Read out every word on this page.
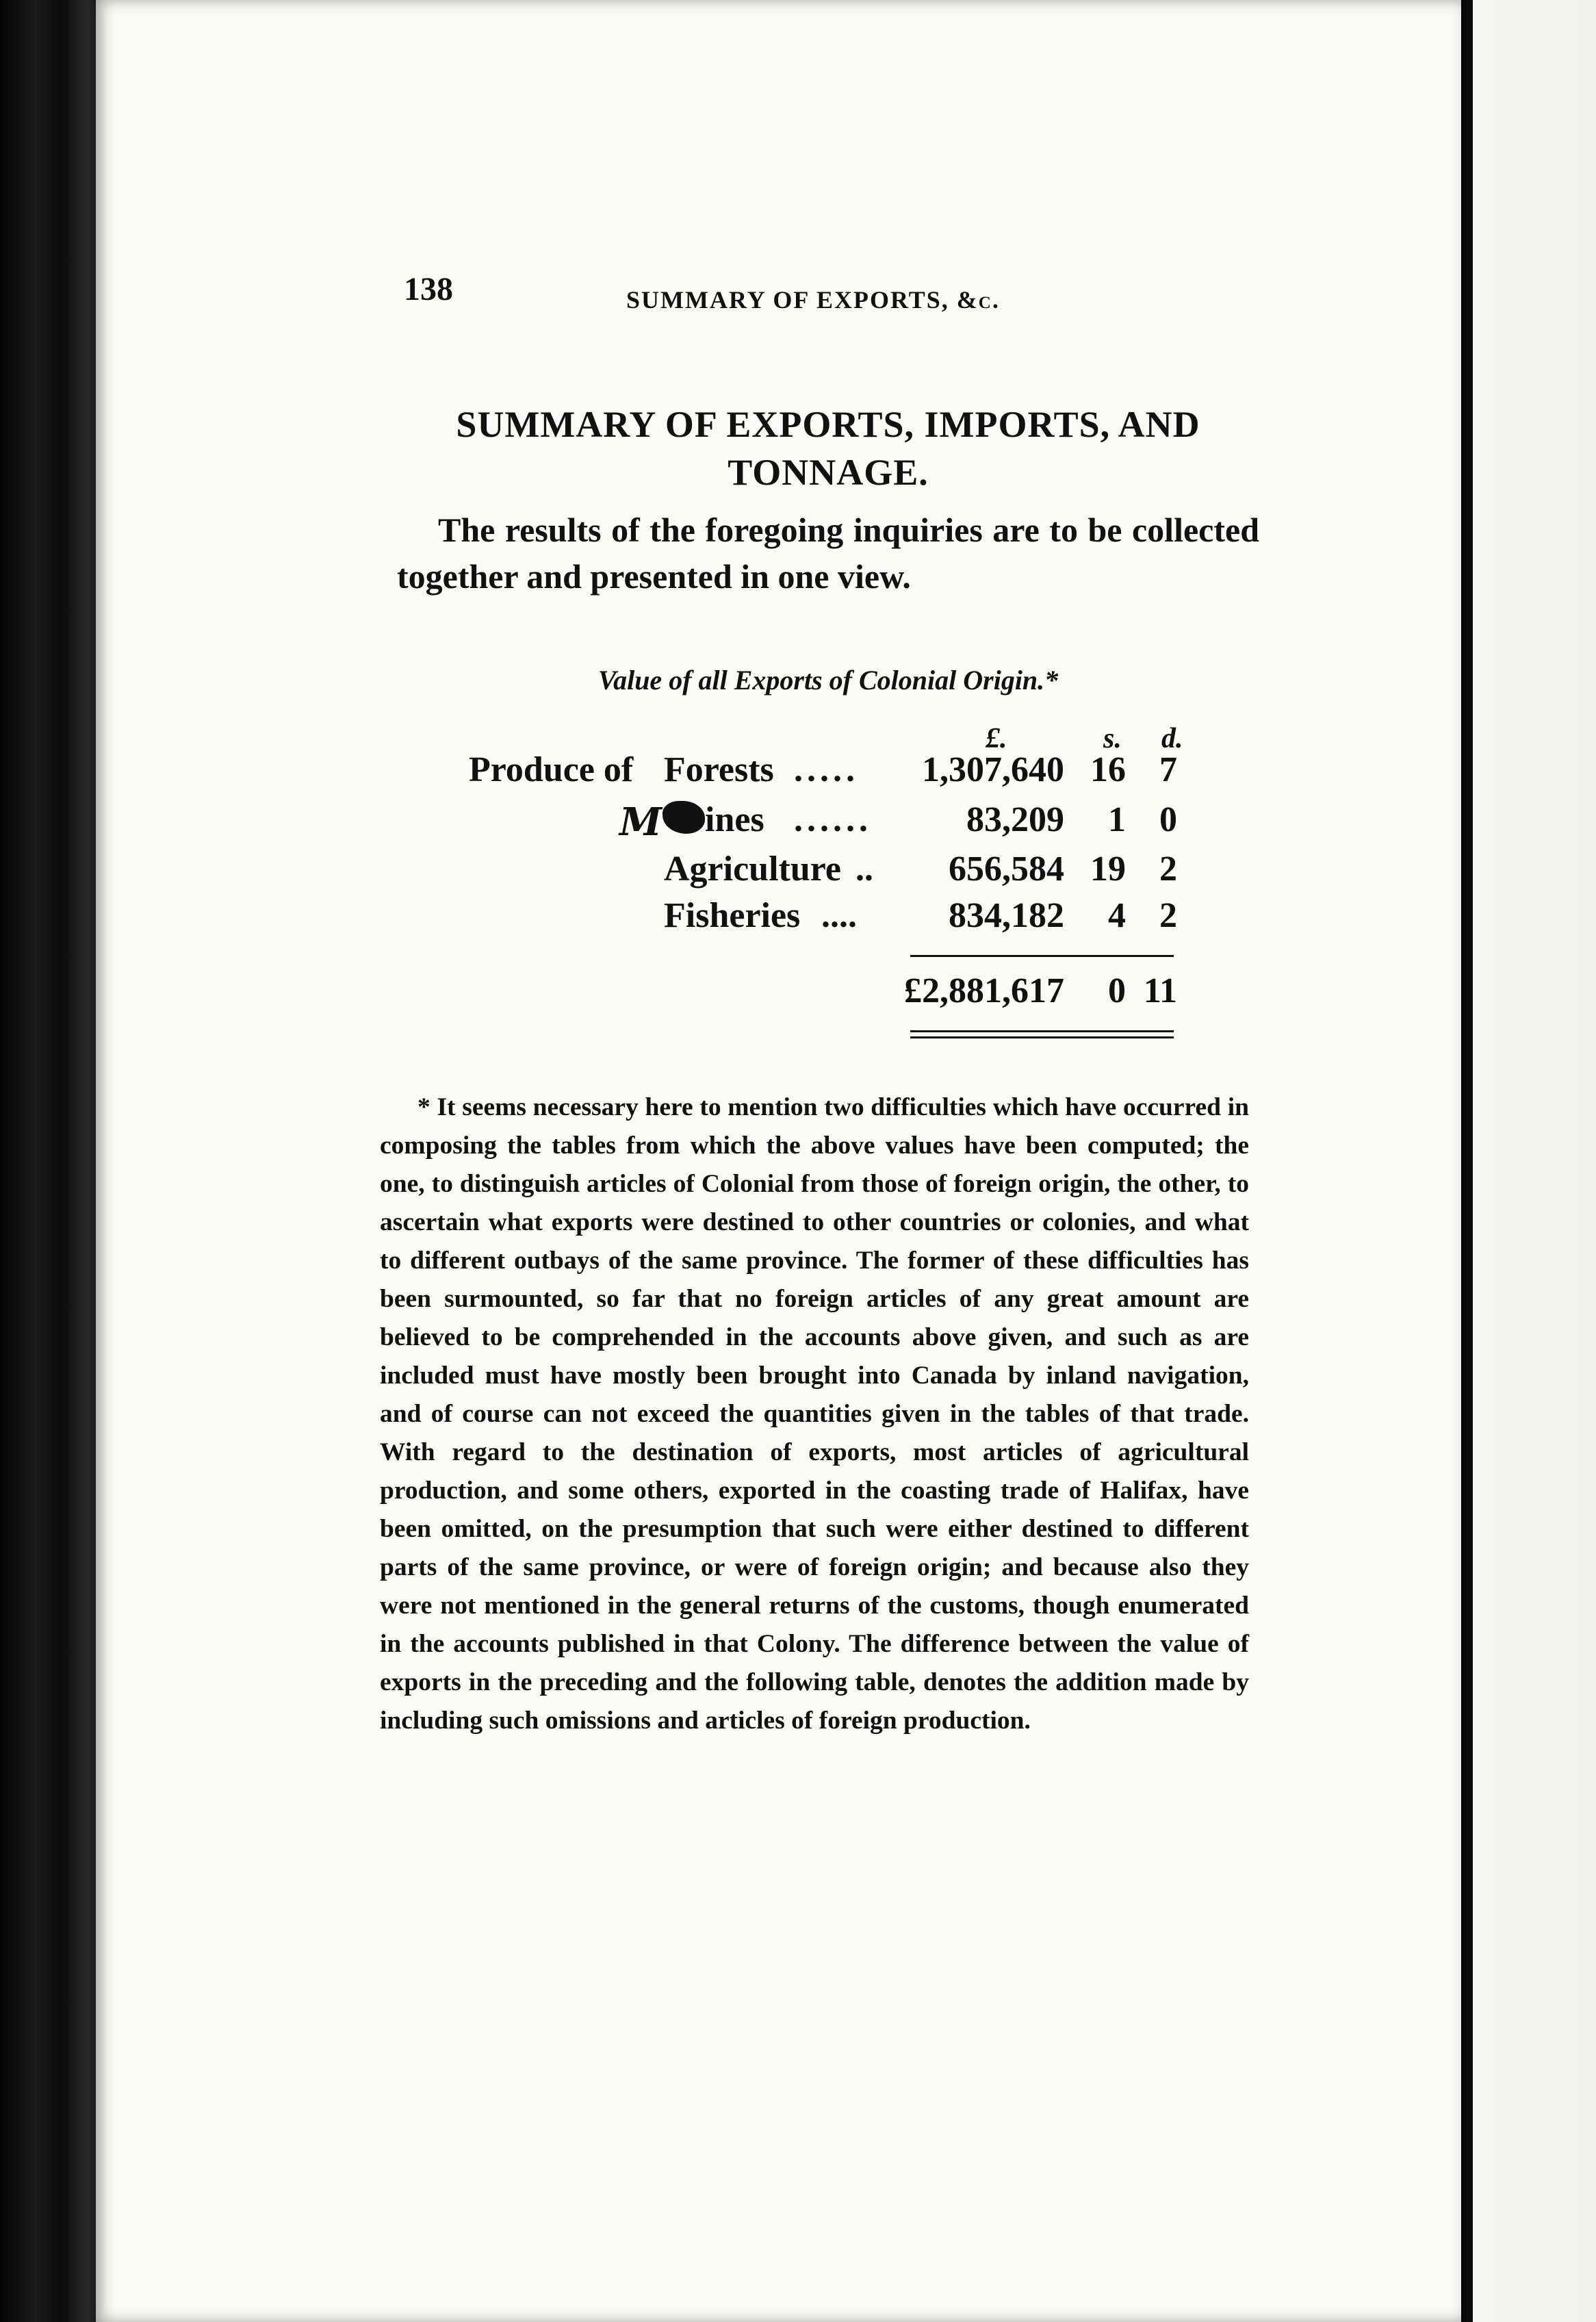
138	SUMMARY OF EXPORTS, &c.
SUMMARY OF EXPORTS, IMPORTS, AND
TONNAGE.
The results of the foregoing inquiries are to be collected together and presented in one view.
Value of all Exports of Colonial Origin.*
£.	s. d.
Produce of Forests .....	1,307,640 16 7
M ines ......	83,209	1 0
Agriculture ..	656,584 19 2
Fisheries ....	834,182	4 2
£2,881,617	0 11
* It seems necessary here to mention two difficulties which have occurred in composing the tables from which the above values have been computed; the one, to distinguish articles of Colonial from those of foreign origin, the other, to ascertain what exports were destined to other countries or colonies, and what to different outbays of the same province. The former of these difficulties has been surmounted, so far that no foreign articles of any great amount are believed to be comprehended in the accounts above given, and such as are included must have mostly been brought into Canada by inland navigation, and of course can not exceed the quantities given in the tables of that trade. With regard to the destination of exports, most articles of agricultural production, and some others, exported in the coasting trade of Halifax, have been omitted, on the presumption that such were either destined to different parts of the same province, or were of foreign origin; and because also they were not mentioned in the general returns of the customs, though enumerated in the accounts published in that Colony. The difference between the value of exports in the preceding and the following table, denotes the addition made by including such omissions and articles of foreign production.
